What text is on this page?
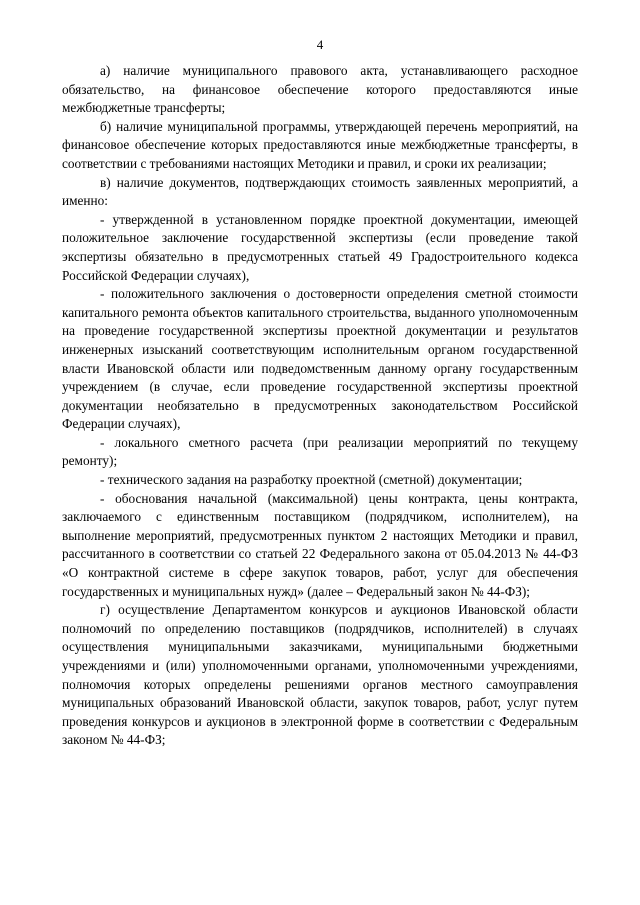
4

а) наличие муниципального правового акта, устанавливающего расходное обязательство, на финансовое обеспечение которого предоставляются иные межбюджетные трансферты;

б) наличие муниципальной программы, утверждающей перечень мероприятий, на финансовое обеспечение которых предоставляются иные межбюджетные трансферты, в соответствии с требованиями настоящих Методики и правил, и сроки их реализации;

в) наличие документов, подтверждающих стоимость заявленных мероприятий, а именно:

- утвержденной в установленном порядке проектной документации, имеющей положительное заключение государственной экспертизы (если проведение такой экспертизы обязательно в предусмотренных статьей 49 Градостроительного кодекса Российской Федерации случаях),

- положительного заключения о достоверности определения сметной стоимости капитального ремонта объектов капитального строительства, выданного уполномоченным на проведение государственной экспертизы проектной документации и результатов инженерных изысканий соответствующим исполнительным органом государственной власти Ивановской области или подведомственным данному органу государственным учреждением (в случае, если проведение государственной экспертизы проектной документации необязательно в предусмотренных законодательством Российской Федерации случаях),

- локального сметного расчета (при реализации мероприятий по текущему ремонту);

- технического задания на разработку проектной (сметной) документации;

- обоснования начальной (максимальной) цены контракта, цены контракта, заключаемого с единственным поставщиком (подрядчиком, исполнителем), на выполнение мероприятий, предусмотренных пунктом 2 настоящих Методики и правил, рассчитанного в соответствии со статьей 22 Федерального закона от 05.04.2013 № 44-ФЗ «О контрактной системе в сфере закупок товаров, работ, услуг для обеспечения государственных и муниципальных нужд» (далее – Федеральный закон № 44-ФЗ);

г) осуществление Департаментом конкурсов и аукционов Ивановской области полномочий по определению поставщиков (подрядчиков, исполнителей) в случаях осуществления муниципальными заказчиками, муниципальными бюджетными учреждениями и (или) уполномоченными органами, уполномоченными учреждениями, полномочия которых определены решениями органов местного самоуправления муниципальных образований Ивановской области, закупок товаров, работ, услуг путем проведения конкурсов и аукционов в электронной форме в соответствии с Федеральным законом № 44-ФЗ;
